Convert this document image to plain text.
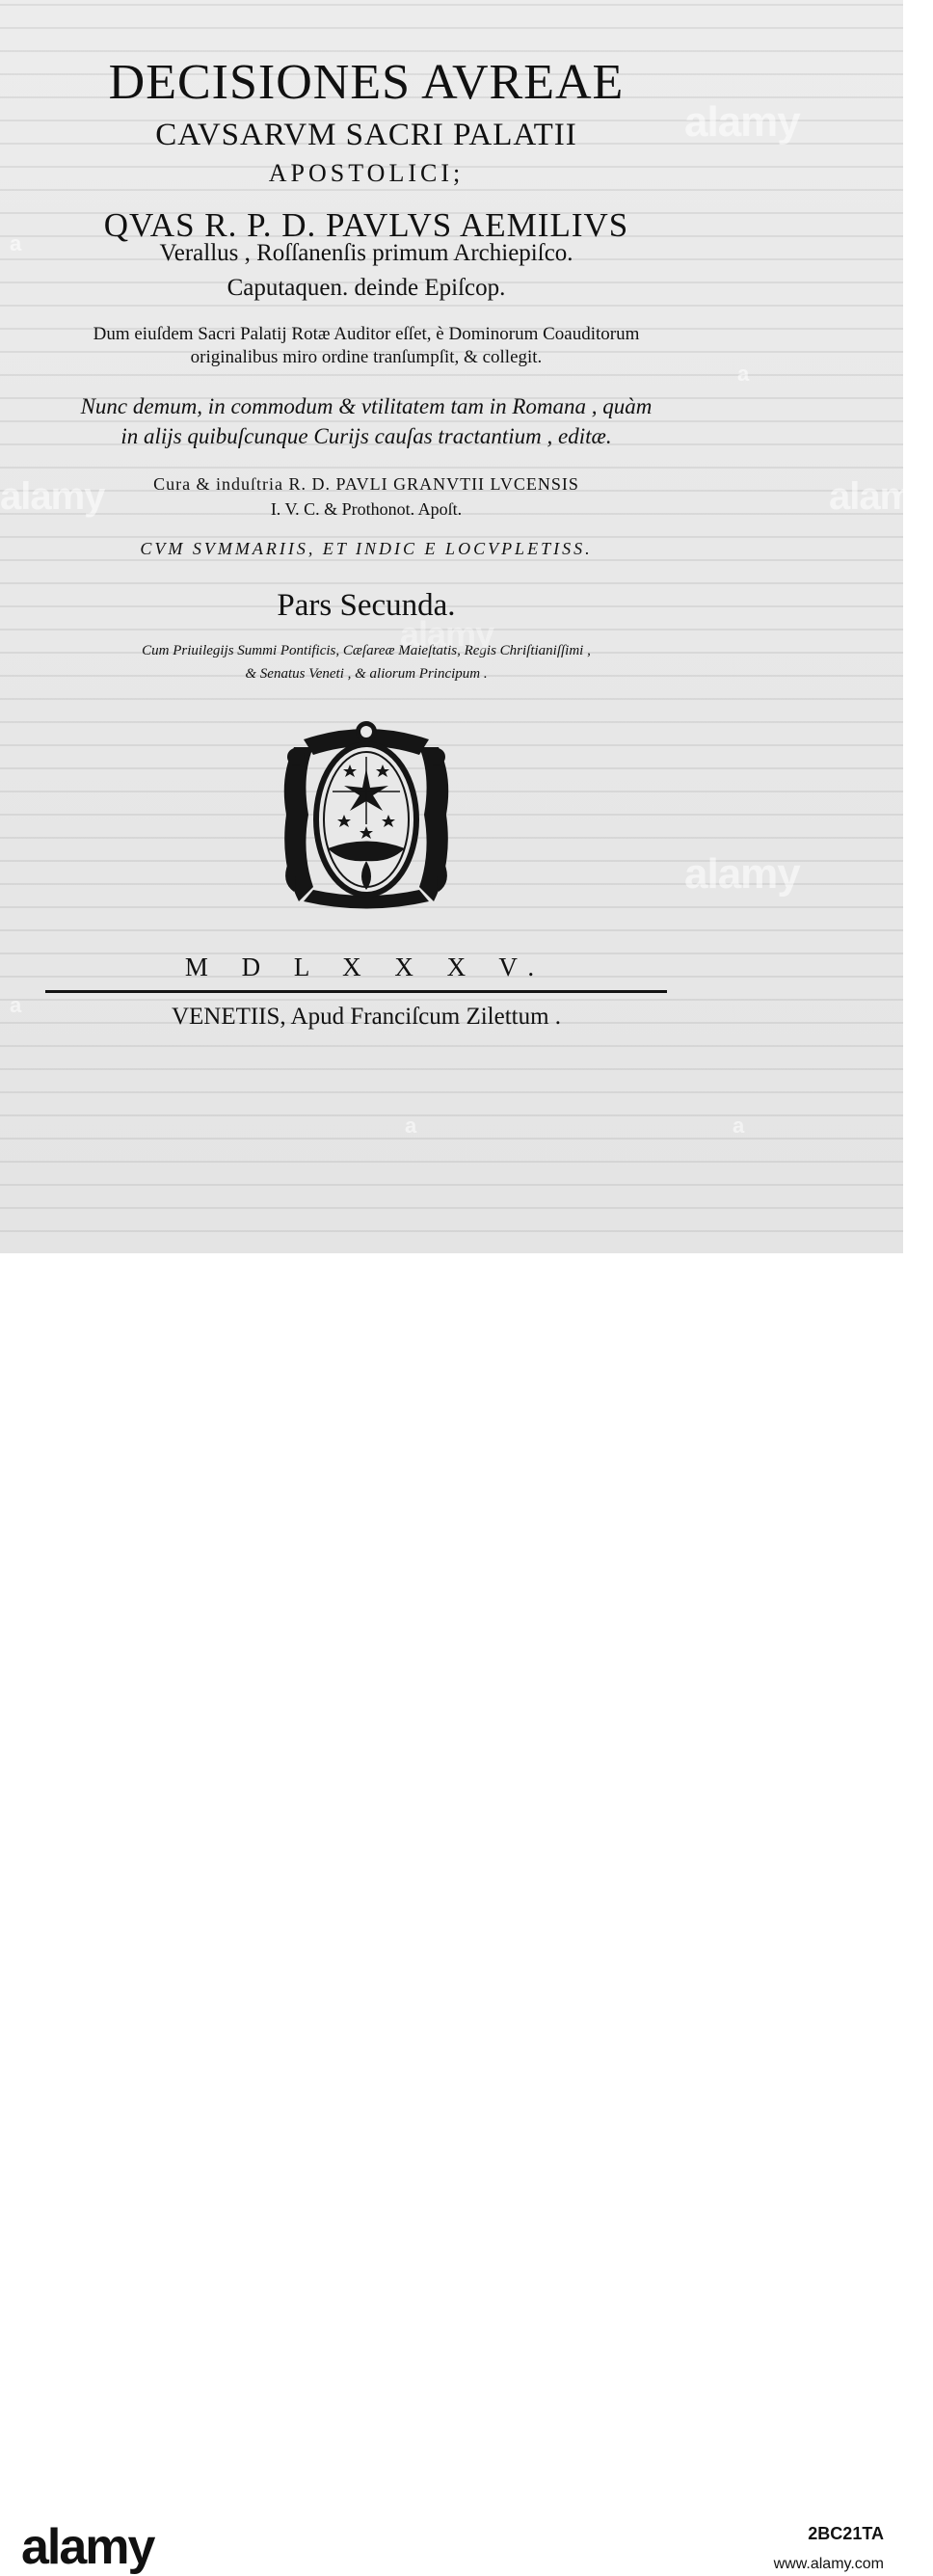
DECISIONES AVREAE
CAVSARVM SACRI PALATII
APOSTOLICI;
QVAS R. P. D. PAVLVS AEMILIVS
Verallus , Roſſanenſis primum Archiepiſco.
Caputaquen. deinde Epiſcop.
Dum eiuſdem Sacri Palatij Rotæ Auditor eſſet, è Dominorum Coauditorum
originalibus miro ordine tranſumpſit, & collegit.
Nunc demum, in commodum & vtilitatem tam in Romana , quàm
in alijs quibuſcunque Curijs cauſas tractantium , editæ.
Cura & induſtria R. D. PAVLI GRANVTII LVCENSIS
I. V. C. & Prothonot. Apoſt.
CVM SVMMARIIS, ET INDIC E LOCVPLETISS.
Pars Secunda.
Cum Priuilegijs Summi Pontificis, Cæſareæ Maieſtatis, Regis Chriſtianiſſimi ,
& Senatus Veneti , & aliorum Principum .
M D L X X X V.
VENETIIS, Apud Franciſcum Zilettum .
alamy
alamy	alamy
alamy
alamy
a
a
a
a	a
alamy	2BC21TA
www.alamy.com
